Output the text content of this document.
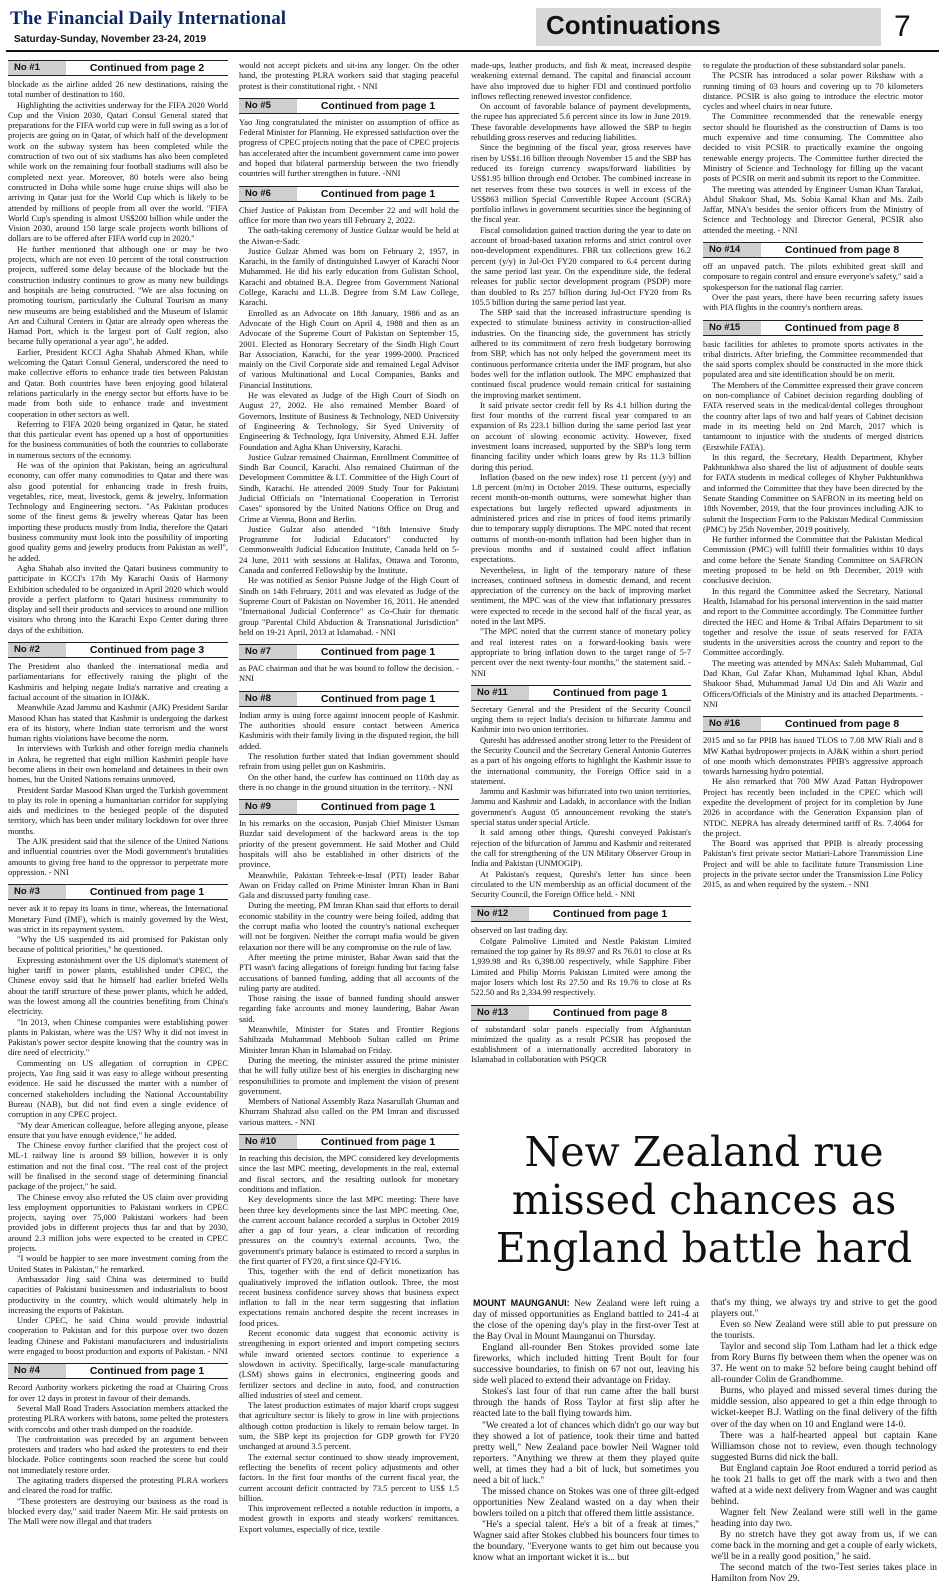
The Financial Daily International
Saturday-Sunday, November 23-24, 2019	Continuations	7
No #1	Continued from page 2

blockade as the airline added 26 new destinations, raising the total number of destination to 160.

Highlighting the activities underway for the FIFA 2020 World Cup and the Vision 2030, Qatari Consul General stated that preparations for the FIFA world cup were in full swing as a lot of projects are going on in Qatar, of which half of the development work on the subway system has been completed while the construction of two out of six stadiums has also been completed while work on the remaining four football stadiums will also be completed next year. Moreover, 80 hotels were also being constructed in Doha while some huge cruise ships will also be arriving in Qatar just for the World Cup which is likely to be attended by millions of people from all over the world. "FIFA World Cup's spending is almost US$200 billion while under the Vision 2030, around 150 large scale projects worth billions of dollars are to be offered after FIFA world cup in 2020."

He further mentioned that although one or may be two projects, which are not even 10 percent of the total construction projects, suffered some delay because of the blockade but the construction industry continues to grow as many new buildings and hospitals are being constructed. "We are also focusing on promoting tourism, particularly the Cultural Tourism as many new museums are being established and the Museum of Islamic Art and Cultural Centers in Qatar are already open whereas the Hamad Port, which is the largest port of Gulf region, also became fully operational a year ago", he added.

Earlier, President KCCI Agha Shahab Ahmed Khan, while welcoming the Qatari Consul General, underscored the need to make collective efforts to enhance trade ties between Pakistan and Qatar. Both countries have been enjoying good bilateral relations particularly in the energy sector but efforts have to be made from both side to enhance trade and investment cooperation in other sectors as well.

Referring to FIFA 2020 being organized in Qatar, he stated that this particular event has opened up a host of opportunities for the business communities of both the countries to collaborate in numerous sectors of the economy.

He was of the opinion that Pakistan, being an agricultural economy, can offer many commodities to Qatar and there was also good potential for enhancing trade in fresh fruits, vegetables, rice, meat, livestock, gems & jewelry, Information Technology and Engineering sectors. "As Pakistan produces some of the finest gems & jewelry whereas Qatar has been importing these products mostly from India, therefore the Qatari business community must look into the possibility of importing good quality gems and jewelry products from Pakistan as well", he added.

Agha Shahab also invited the Qatari business community to participate in KCCI's 17th My Karachi Oasis of Harmony Exhibition scheduled to be organized in April 2020 which would provide a perfect platform to Qatari business community to display and sell their products and services to around one million visitors who throng into the Karachi Expo Center during three days of the exhibition.

No #2	Continued from page 3

The President also thanked the international media and parliamentarians for effectively raising the plight of the Kashmiris and helping negate India's narrative and creating a factual account of the situation in IOJ&K.

Meanwhile Azad Jammu and Kashmir (AJK) President Sardar Masood Khan has stated that Kashmir is undergoing the darkest era of its history, where Indian state terrorism and the worst human rights violations have become the norm.

In interviews with Turkish and other foreign media channels in Ankra, he regretted that eight million Kashmiri people have become aliens in their own homeland and detainees in their own homes, but the United Nations remains unmoved.

President Sardar Masood Khan urged the Turkish government to play its role in opening a humanitarian corridor for supplying aids and medicines to the besieged people of the disputed territory, which has been under military lockdown for over three months.

The AJK president said that the silence of the United Nations and influential countries over the Modi government's brutalities amounts to giving free hand to the oppressor to perpetrate more oppression. - NNI

No #3	Continued from page 1

never ask it to repay its loans in time, whereas, the International Monetary Fund (IMF), which is mainly governed by the West, was strict in its repayment system.

"Why the US suspended its aid promised for Pakistan only because of political priorities," he questioned.

Expressing astonishment over the US diplomat's statement of higher tariff in power plants, established under CPEC, the Chinese envoy said that he himself had earlier briefed Wells about the tariff structure of these power plants, which he added, was the lowest among all the countries benefiting from China's electricity.

"In 2013, when Chinese companies were establishing power plants in Pakistan, where was the US? Why it did not invest in Pakistan's power sector despite knowing that the country was in dire need of electricity."

Commenting on US allegation of corruption in CPEC projects, Yao Jing said it was easy to allege without presenting evidence. He said he discussed the matter with a number of concerned stakeholders including the National Accountability Bureau (NAB), but did not find even a single evidence of corruption in any CPEC project.

"My dear American colleague, before alleging anyone, please ensure that you have enough evidence," he added.

The Chinese envoy further clarified that the project cost of ML-1 railway line is around $9 billion, however it is only estimation and not the final cost. "The real cost of the project will be finalised in the second stage of determining financial package of the project," he said.

The Chinese envoy also refuted the US claim over providing less employment opportunities to Pakistani workers in CPEC projects, saying over 75,000 Pakistani workers had been provided jobs in different projects thus far and that by 2030, around 2.3 million jobs were expected to be created in CPEC projects.

"I would be happier to see more investment coming from the United States in Pakistan," he remarked.

Ambassador Jing said China was determined to build capacities of Pakistani businessmen and industrialists to boost productivity in the country, which would ultimately help in increasing the exports of Pakistan.

Under CPEC, he said China would provide industrial cooperation to Pakistan and for this purpose over two dozen leading Chinese and Pakistani manufacturers and industrialists were engaged to boost production and exports of Pakistan. - NNI

No #4	Continued from page 1

Record Authority workers picketing the road at Chairing Cross for over 12 days in protest in favour of their demands.

Several Mall Road Traders Association members attacked the protesting PLRA workers with batons, some pelted the protesters with corncobs and other trash dumped on the roadside.

The confrontation was preceded by an argument between protesters and traders who had asked the protesters to end their blockade. Police contingents soon reached the scene but could not immediately restore order.

The agitating traders dispersed the protesting PLRA workers and cleared the road for traffic.

"These protesters are destroying our business as the road is blocked every day," said trader Naeem Mir. He said protests on The Mall were now illegal and that traders

would not accept pickets and sit-ins any longer. On the other hand, the protesting PLRA workers said that staging peaceful protest is their constitutional right. - NNI

No #5	Continued from page 1

Yao Jing congratulated the minister on assumption of office as Federal Minister for Planning. He expressed satisfaction over the progress of CPEC projects noting that the pace of CPEC projects has accelerated after the incumbent government came into power and hoped that bilateral partnership between the two friendly countries will further strengthen in future. -NNI

No #6	Continued from page 1

Chief Justice of Pakistan from December 22 and will hold the office for more than two years till February 2, 2022.

The oath-taking ceremony of Justice Gulzar would be held at the Aiwan-e-Sadr.

Justice Gulzar Ahmed was born on February 2, 1957, in Karachi, in the family of distinguished Lawyer of Karachi Noor Muhammed. He did his early education from Gulistan School, Karachi and obtained B.A. Degree from Government National College, Karachi and LL.B. Degree from S.M Law College, Karachi.

Enrolled as an Advocate on 18th January, 1986 and as an Advocate of the High Court on April 4, 1988 and then as an Advocate of the Supreme Court of Pakistan on September 15, 2001. Elected as Honorary Secretary of the Sindh High Court Bar Association, Karachi, for the year 1999-2000. Practiced mainly on the Civil Corporate side and remained Legal Advisor of various Multinational and Local Companies, Banks and Financial Institutions.

He was elevated as Judge of the High Court of Sindh on August 27, 2002. He also remained Member Board of Governors, Institute of Business & Technology, NED University of Engineering & Technology, Sir Syed University of Engineering & Technology, Iqra University, Ahmed E.H. Jaffer Foundation and Agha Khan University, Karachi.

Justice Gulzar remained Chairman, Enrollment Committee of Sindh Bar Council, Karachi. Also remained Chairman of the Development Committee & I.T. Committee of the High Court of Sindh, Karachi. He attended 2009 Study Tour for Pakistani Judicial Officials on "International Cooperation in Terrorist Cases" sponsored by the United Nations Office on Drug and Crime at Vienna, Bonn and Berlin.

Justice Gulzar also attended "18th Intensive Study Programme for Judicial Educators" conducted by Commonwealth Judicial Education Institute, Canada held on 5-24 June, 2011 with sessions at Halifax, Ottawa and Toronto, Canada and conferred Fellowship by the Institute.

He was notified as Senior Puisne Judge of the High Court of Sindh on 14th February, 2011 and was elevated as Judge of the Supreme Court of Pakistan on November 16, 2011. He attended "International Judicial Conference" as Co-Chair for thematic group "Parental Child Abduction & Transnational Jurisdiction" held on 19-21 April, 2013 at Islamabad. - NNI

No #7	Continued from page 1

as PAC chairman and that he was bound to follow the decision. - NNI

No #8	Continued from page 1

Indian army is using force against innocent people of Kashmir. The authorities should ensure contact between America Kashmiris with their family living in the disputed region, the bill added.

The resolution further stated that Indian government should refrain from using pellet gun on Kashmiris.

On the other hand, the curfew has continued on 110th day as there is no change in the ground situation in the territory. - NNI

No #9	Continued from page 1

In his remarks on the occasion, Punjab Chief Minister Usman Buzdar said development of the backward areas is the top priority of the present government. He said Mother and Child hospitals will also be established in other districts of the province.

Meanwhile, Pakistan Tehreek-e-Insaf (PTI) leader Babar Awan on Friday called on Prime Minister Imran Khan in Bani Gala and discussed party funding case.

During the meeting, PM Imran Khan said that efforts to derail economic stability in the country were being foiled, adding that the corrupt mafia who looted the country's national exchequer will not be forgiven. Neither the corrupt mafia would be given relaxation nor there will be any compromise on the rule of law.

After meeting the prime minister, Babar Awan said that the PTI wasn't facing allegations of foreign funding but facing false accusations of banned funding, adding that all accounts of the ruling party are audited.

Those raising the issue of banned funding should answer regarding fake accounts and money laundering, Babar Awan said.

Meanwhile, Minister for States and Frontier Regions Sahibzada Muhammad Mehboob Sultan called on Prime Minister Imran Khan in Islamabad on Friday.

During the meeting, the minister assured the prime minister that he will fully utilize best of his energies in discharging new responsibilities to promote and implement the vision of present government.

Members of National Assembly Raza Nasarullah Ghuman and Khurram Shahzad also called on the PM Imran and discussed various matters. - NNI

No #10	Continued from page 1

In reaching this decision, the MPC considered key developments since the last MPC meeting, developments in the real, external and fiscal sectors, and the resulting outlook for monetary conditions and inflation.

Key developments since the last MPC meeting: There have been three key developments since the last MPC meeting. One, the current account balance recorded a surplus in October 2019 after a gap of four years, a clear indication of recording pressures on the country's external accounts. Two, the government's primary balance is estimated to record a surplus in the first quarter of FY20, a first since Q2-FY16.

This, together with the end of deficit monetization has qualitatively improved the inflation outlook. Three, the most recent business confidence survey shows that business expect inflation to fall in the near term suggesting that inflation expectations remain anchored despite the recent increases in food prices.

Recent economic data suggest that economic activity is strengthening in export oriented and import competing sectors while inward oriented sectors continue to experience a slowdown in activity. Specifically, large-scale manufacturing (LSM) shows gains in electronics, engineering goods and fertilizer sectors and decline in auto, food, and construction allied industries of steel and cement.

The latest production estimates of major kharif crops suggest that agriculture sector is likely to grow in line with projections although cotton production is likely to remain below target. In sum, the SBP kept its projection for GDP growth for FY20 unchanged at around 3.5 percent.

The external sector continued to show steady improvement, reflecting the benefits of recent policy adjustments and other factors. In the first four months of the current fiscal year, the current account deficit contracted by 73.5 percent to US$ 1.5 billion.

This improvement reflected a notable reduction in imports, a modest growth in exports and steady workers' remittances. Export volumes, especially of rice, textile

made-ups, leather products, and fish & meat, increased despite weakening external demand. The capital and financial account have also improved due to higher FDI and continued portfolio inflows reflecting renewed investor confidence.

On account of favorable balance of payment developments, the rupee has appreciated 5.6 percent since its low in June 2019. These favorable developments have allowed the SBP to begin rebuilding gross reserves and reducing liabilities.

Since the beginning of the fiscal year, gross reserves have risen by US$1.16 billion through November 15 and the SBP has reduced its foreign currency swaps/forward liabilities by US$1.95 billion through end October. The combined increase in net reserves from these two sources is well in excess of the US$863 million Special Convertible Rupee Account (SCRA) portfolio inflows in government securities since the beginning of the fiscal year.

Fiscal consolidation gained traction during the year to date on account of broad-based taxation reforms and strict control over non-development expenditures. FBR tax collections grew 16.2 percent (y/y) in Jul-Oct FY20 compared to 6.4 percent during the same period last year. On the expenditure side, the federal releases for public sector development program (PSDP) more than doubled to Rs 257 billion during Jul-Oct FY20 from Rs 105.5 billion during the same period last year.

The SBP said that the increased infrastructure spending is expected to stimulate business activity in construction-allied industries. On the financing side, the government has strictly adhered to its commitment of zero fresh budgetary borrowing from SBP, which has not only helped the government meet its continuous performance criteria under the IMF program, but also bodes well for the inflation outlook. The MPC emphasized that continued fiscal prudence would remain critical for sustaining the improving market sentiment.

It said private sector credit fell by Rs 4.1 billion during the first four months of the current fiscal year compared to an expansion of Rs 223.1 billion during the same period last year on account of slowing economic activity. However, fixed investment loans increased, supported by the SBP's long term financing facility under which loans grew by Rs 11.3 billion during this period.

Inflation (based on the new index) rose 11 percent (y/y) and 1.8 percent (m/m) in October 2019. These outturns, especially recent month-on-month outturns, were somewhat higher than expectations but largely reflected upward adjustments in administered prices and rise in prices of food items primarily due to temporary supply disruptions. The MPC noted that recent outturns of month-on-month inflation had been higher than in previous months and if sustained could affect inflation expectations.

Nevertheless, in light of the temporary nature of these increases, continued softness in domestic demand, and recent appreciation of the currency on the back of improving market sentiment, the MPC was of the view that inflationary pressures were expected to recede in the second half of the fiscal year, as noted in the last MPS.

"The MPC noted that the current stance of monetary policy and real interest rates on a forward-looking basis were appropriate to bring inflation down to the target range of 5-7 percent over the next twenty-four months," the statement said. - NNI

No #11	Continued from page 1

Secretary General and the President of the Security Council urging them to reject India's decision to bifurcate Jammu and Kashmir into two union territories.

Qureshi has addressed another strong letter to the President of the Security Council and the Secretary General Antonio Guterres as a part of his ongoing efforts to highlight the Kashmir issue to the international community, the Foreign Office said in a statement.

Jammu and Kashmir was bifurcated into two union territories, Jammu and Kashmir and Ladakh, in accordance with the Indian government's August 05 announcement revoking the state's special status under special Article.

It said among other things, Qureshi conveyed Pakistan's rejection of the bifurcation of Jammu and Kashmir and reiterated the call for strengthening of the UN Military Observer Group in India and Pakistan (UNMOGIP).

At Pakistan's request, Qureshi's letter has since been circulated to the UN membership as an official document of the Security Council, the Foreign Office held. - NNI

No #12	Continued from page 1

observed on last trading day.

Colgate Palmolive Limited and Nestle Pakistan Limited remained the top gainer by Rs 89.97 and Rs 76.01 to close at Rs 1,939.98 and Rs 6,398.00 respectively, while Sapphire Fiber Limited and Philip Morris Pakistan Limited were among the major losers which lost Rs 27.50 and Rs 19.76 to close at Rs 522.50 and Rs 2,334.99 respectively.

No #13	Continued from page 8

of substandard solar panels especially from Afghanistan minimized the quality as a result PCSIR has proposed the establishment of a internationally accredited laboratory in Islamabad in collaboration with PSQCR

to regulate the production of these substandard solar panels.

The PCSIR has introduced a solar power Rikshaw with a running timing of 03 hours and covering up to 70 kilometers distance. PCSIR is also going to introduce the electric motor cycles and wheel chairs in near future.

The Committee recommended that the renewable energy sector should be flourished as the construction of Dams is too much expensive and time consuming. The Committee also decided to visit PCSIR to practically examine the ongoing renewable energy projects. The Committee further directed the Ministry of Science and Technology for filling up the vacant posts of PCSIR on merit and submit its report to the Committee.

The meeting was attended by Engineer Usman Khan Tarakai, Abdul Shakoor Shad, Ms. Sobia Kamal Khan and Ms. Zaib Jaffar, MNA's besides the senior officers from the Ministry of Science and Technology and Director General, PCSIR also attended the meeting. - NNI

No #14	Continued from page 8

off an unpaved patch. The pilots exhibited great skill and composure to regain control and ensure everyone's safety," said a spokesperson for the national flag carrier.

Over the past years, there have been recurring safety issues with PIA flights in the country's northern areas.

No #15	Continued from page 8

basic facilities for athletes to promote sports activates in the tribal districts. After briefing, the Committee recommended that the said sports complex should be constructed in the more thick populated area and site identification should be on merit.

The Members of the Committee expressed their grave concern on non-compliance of Cabinet decision regarding doubling of FATA reserved seats in the medical/dental colleges throughout the country after laps of two and half years of Cabinet decision made in its meeting held on 2nd March, 2017 which is tantamount to injustice with the students of merged districts (Erstwhile FATA).

In this regard, the Secretary, Health Department, Khyber Pakhtunkhwa also shared the list of adjustment of double seats for FATA students in medical colleges of Khyber Pakhtunkhwa and informed the Committee that they have been directed by the Senate Standing Committee on SAFRON in its meeting held on 18th November, 2019, that the four provinces including AJK to submit the Inspection Form to the Pakistan Medical Commission (PMC) by 25th November, 2019 positively.

He further informed the Committee that the Pakistan Medical Commission (PMC) will fulfill their formalities within 10 days and come before the Senate Standing Committee on SAFRON meeting proposed to be held on 9th December, 2019 with conclusive decision.

In this regard the Committee asked the Secretary, National Health, Islamabad for his personal intervention in the said matter and report to the Committee accordingly. The Committee further directed the HEC and Home & Tribal Affairs Department to sit together and resolve the issue of seats reserved for FATA students in the universities across the country and report to the Committee accordingly.

The meeting was attended by MNAs: Saleh Muhammad, Gul Dad Khan, Gul Zafar Khan, Muhammad Iqbal Khan, Abdul Shakoor Shad, Muhammad Jamal Ud Din and Ali Wazir and Officers/Officials of the Ministry and its attached Departments. - NNI

No #16	Continued from page 8

2015 and so far PPIB has issued TLOS to 7.08 MW Riali and 8 MW Kathai hydropower projects in AJ&K within a short period of one month which demonstrates PPIB's aggressive approach towards harnessing hydro potential.

He also remarked that 700 MW Azad Pattan Hydropower Project has recently been included in the CPEC which will expedite the development of project for its completion by June 2026 in accordance with the Generation Expansion plan of NTDC. NEPRA has already determined tariff of Rs. 7.4064 for the project.

The Board was apprised that PPIB is already processing Pakistan's first private sector Matiari-Lahore Transmission Line Project and will be able to facilitate future Transmission Line projects in the private sector under the Transmission Line Policy 2015, as and when required by the system. - NNI

New Zealand rue missed chances as England battle hard

MOUNT MAUNGANUI: New Zealand were left ruing a day of missed opportunities as England battled to 241-4 at the close of the opening day's play in the first-over Test at the Bay Oval in Mount Maunganui on Thursday.

England all-rounder Ben Stokes provided some late fireworks, which included hitting Trent Boult for four successive boundaries, to finish on 67 not out, leaving his side well placed to extend their advantage on Friday.

Stokes's last four of that run came after the ball burst through the hands of Ross Taylor at first slip after he reacted late to the ball flying towards him.

"We created a lot of chances which didn't go our way but they showed a lot of patience, took their time and batted pretty well," New Zealand pace bowler Neil Wagner told reporters. "Anything we threw at them they played quite well, at times they had a bit of luck, but sometimes you need a bit of luck."

The missed chance on Stokes was one of three gilt-edged opportunities New Zealand wasted on a day when their bowlers toiled on a pitch that offered them little assistance.

"He's a special talent. He's a bit of a freak at times," Wagner said after Stokes clubbed his bouncers four times to the boundary. "Everyone wants to get him out because you know what an important wicket it is... but

that's my thing, we always try and strive to get the good players out."

Even so New Zealand were still able to put pressure on the tourists.

Taylor and second slip Tom Latham had let a thick edge from Rory Burns fly between them when the opener was on 37. He went on to make 52 before being caught behind off all-rounder Colin de Grandhomme.

Burns, who played and missed several times during the middle session, also appeared to get a thin edge through to wicket-keeper B.J. Watling on the final delivery of the fifth over of the day when on 10 and England were 14-0.

There was a half-hearted appeal but captain Kane Williamson chose not to review, even though technology suggested Burns did nick the ball.

But England captain Joe Root endured a torrid period as he took 21 balls to get off the mark with a two and then wafted at a wide next delivery from Wagner and was caught behind.

Wagner felt New Zealand were still well in the game heading into day two.

By no stretch have they got away from us, if we can come back in the morning and get a couple of early wickets, we'll be in a really good position," he said.

The second match of the two-Test series takes place in Hamilton from Nov 29.
